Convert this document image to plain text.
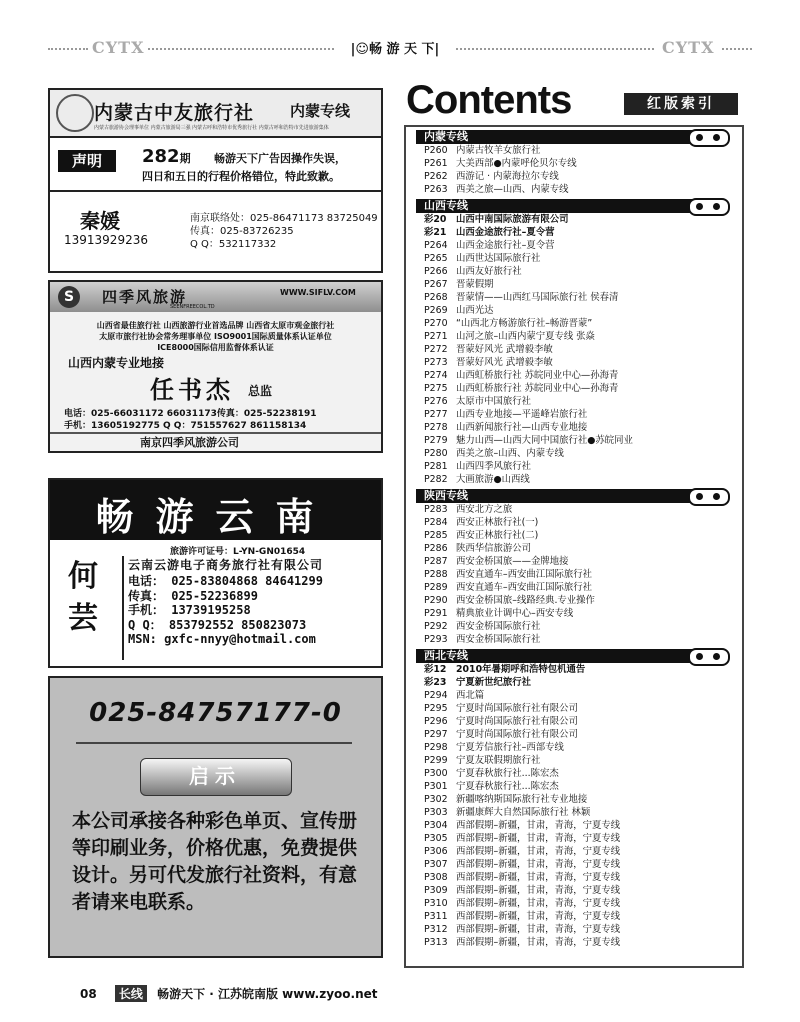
CYTX	|☺畅 游 天 下|	CYTX
内蒙古中友旅行社 内蒙专线
内蒙古旅游协会理事单位 内蒙古旅游局三强 内蒙古呼和浩特市优秀旅行社 内蒙古呼和浩特市先进旅游集体
声明	282期 畅游天下广告因操作失误，
四日和五日的行程价格错位，特此致歉。
秦媛
13913929236
南京联络处：025-86471173 83725049
传真：025-83726235
Q Q：532117332
S	四季风旅游	WWW.SIFLV.COM
SEENFREECOL.TD
山西省最佳旅行社 山西旅游行业首选品牌 山西省太原市观金旅行社
太原市旅行社协会常务理事单位 ISO9001国际质量体系认证单位
ICE8000国际信用监督体系认证
山西内蒙专业地接
任书杰 总监
电话：025-66031172 66031173传真：025-52238191
手机：13605192775 Q Q：751557627 861158134
南京四季风旅游公司
畅游云南
旅游许可证号：L-YN-GN01654
何芸
云南云游电子商务旅行社有限公司
电话： 025-83804868 84641299
传真： 025-52236899
手机： 13739195258
Q Q： 853792552 850823073
MSN: gxfc-nnyy@hotmail.com
025-84757177-0
启示
本公司承接各种彩色单页、宣传册等印刷业务，价格优惠，免费提供设计。另可代发旅行社资料，有意者请来电联系。
08 长线 畅游天下 · 江苏皖南版 www.zyoo.net
Contents	红版索引
内蒙专线
P260 内蒙古牧羊女旅行社
P261 大美西部●内蒙呼伦贝尔专线
P262 西游记 · 内蒙海拉尔专线
P263 西美之旅—山西、内蒙专线
山西专线
彩20 山西中南国际旅游有限公司
彩21 山西金途旅行社–夏令营
P264 山西金途旅行社–夏令营
P265 山西世达国际旅行社
P266 山西友好旅行社
P267 晋蒙假期
P268 晋蒙情——山西红马国际旅行社 侯春清
P269 山西光达
P270 “山西北方畅游旅行社–畅游晋蒙”
P271 山河之旅–山西内蒙宁夏专线 张焱
P272 晋蒙好风光 武增毅李敏
P273 晋蒙好风光 武增毅李敏
P274 山西虹桥旅行社 苏皖同业中心—孙海青
P275 山西虹桥旅行社 苏皖同业中心—孙海青
P276 太原市中国旅行社
P277 山西专业地接—平遥峰岩旅行社
P278 山西新闻旅行社—山西专业地接
P279 魅力山西—山西大同中国旅行社●苏皖同业
P280 西美之旅–山西、内蒙专线
P281 山西四季风旅行社
P282 大画旅游●山西线
陕西专线
P283 西安北方之旅
P284 西安正林旅行社(一)
P285 西安正林旅行社(二)
P286 陕西华信旅游公司
P287 西安金桥国旅——金牌地接
P288 西安直通车–西安曲江国际旅行社
P289 西安直通车–西安曲江国际旅行社
P290 西安金桥国旅–线路经典.专业操作
P291 精典旅业计调中心–西安专线
P292 西安金桥国际旅行社
P293 西安金桥国际旅行社
西北专线
彩12 2010年暑期呼和浩特包机通告
彩23 宁夏新世纪旅行社
P294 西北篇
P295 宁夏时尚国际旅行社有限公司
P296 宁夏时尚国际旅行社有限公司
P297 宁夏时尚国际旅行社有限公司
P298 宁夏芳信旅行社–西部专线
P299 宁夏友联假期旅行社
P300 宁夏春秋旅行社...陈宏杰
P301 宁夏春秋旅行社...陈宏杰
P302 新疆喀纳斯国际旅行社专业地接
P303 新疆康辉大自然国际旅行社 林颖
P304 西部假期–新疆，甘肃，青海，宁夏专线
P305 西部假期–新疆，甘肃，青海，宁夏专线
P306 西部假期–新疆，甘肃，青海，宁夏专线
P307 西部假期–新疆，甘肃，青海，宁夏专线
P308 西部假期–新疆，甘肃，青海，宁夏专线
P309 西部假期–新疆，甘肃，青海，宁夏专线
P310 西部假期–新疆，甘肃，青海，宁夏专线
P311 西部假期–新疆，甘肃，青海，宁夏专线
P312 西部假期–新疆，甘肃，青海，宁夏专线
P313 西部假期–新疆，甘肃，青海，宁夏专线
